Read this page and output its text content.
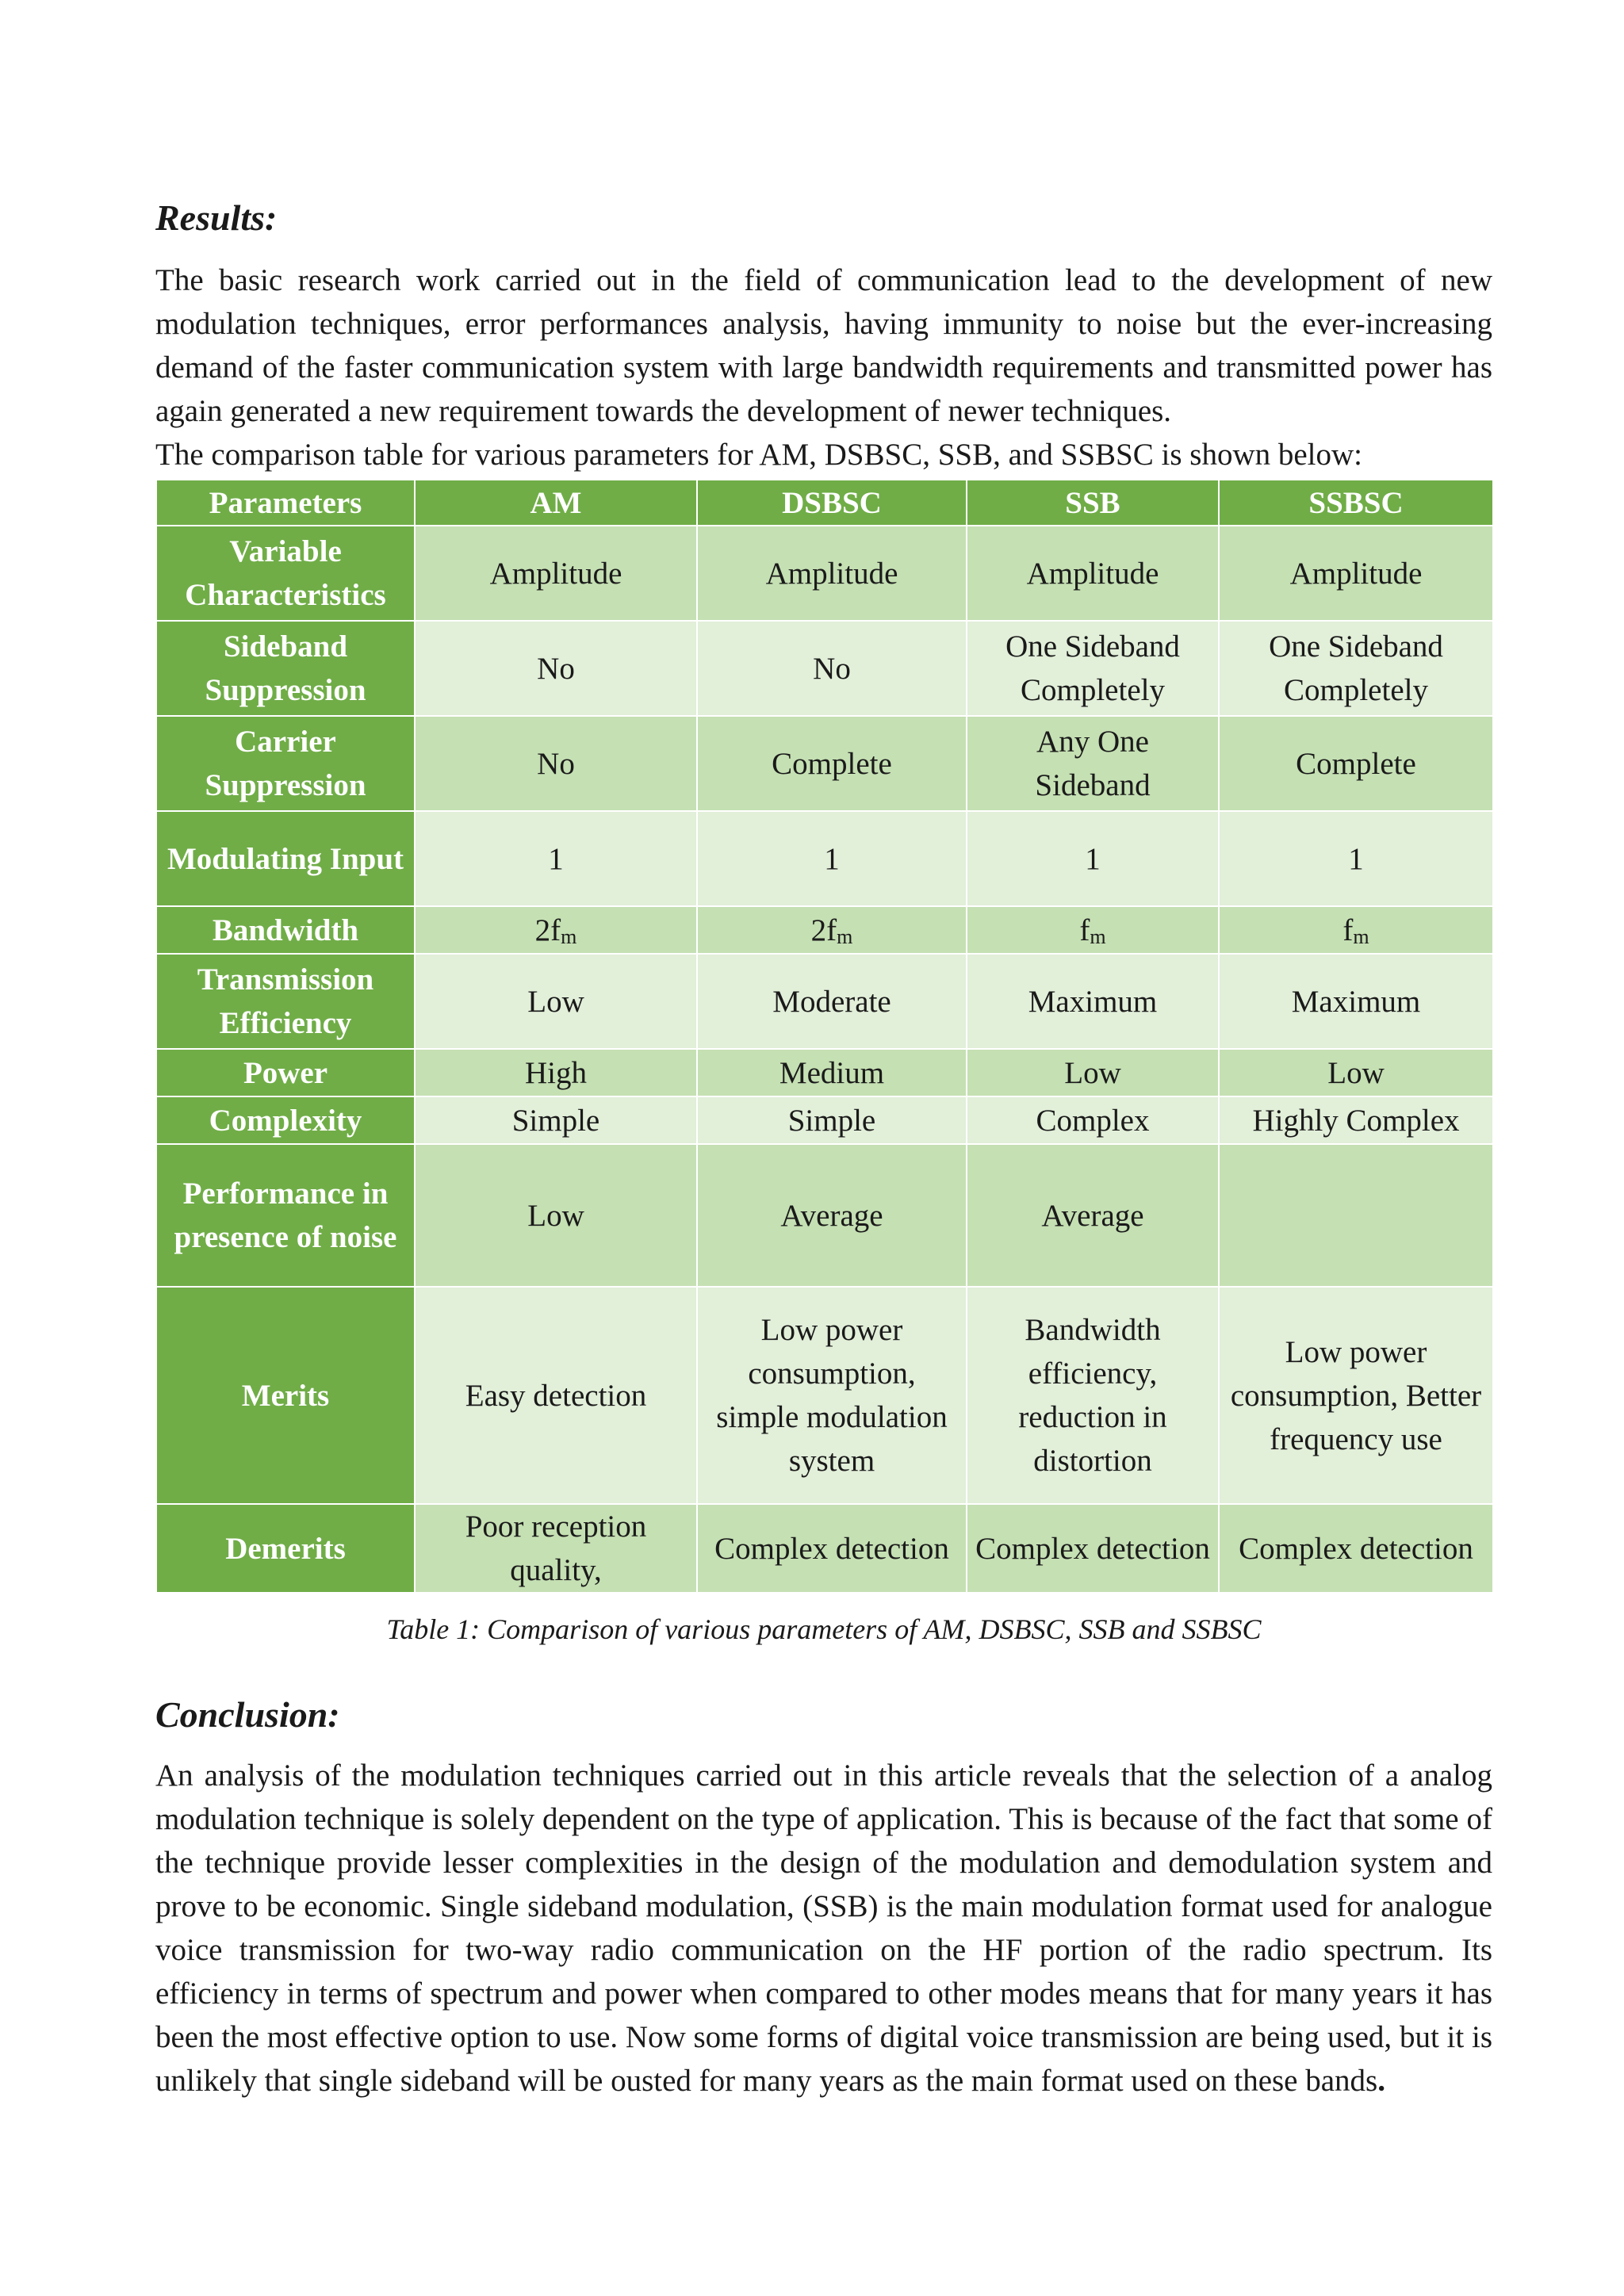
Results:

The basic research work carried out in the field of communication lead to the development of new modulation techniques, error performances analysis, having immunity to noise but the ever-increasing demand of the faster communication system with large bandwidth requirements and transmitted power has again generated a new requirement towards the development of newer techniques.

The comparison table for various parameters for AM, DSBSC, SSB, and SSBSC is shown below:

Parameters	AM	DSBSC	SSB	SSBSC
Variable Characteristics	Amplitude	Amplitude	Amplitude	Amplitude
Sideband Suppression	No	No	One Sideband Completely	One Sideband Completely
Carrier Suppression	No	Complete	Any One Sideband	Complete
Modulating Input	1	1	1	1
Bandwidth	$2f_m$	$2f_m$	$f_m$	$f_m$
Transmission Efficiency	Low	Moderate	Maximum	Maximum
Power	High	Medium	Low	Low
Complexity	Simple	Simple	Complex	Highly Complex
Performance in presence of noise	Low	Average	Average	
Merits	Easy detection	Low power consumption, simple modulation system	Bandwidth efficiency, reduction in distortion	Low power consumption, Better frequency use
Demerits	Poor reception quality,	Complex detection	Complex detection	Complex detection

Table 1: Comparison of various parameters of AM, DSBSC, SSB and SSBSC

Conclusion:

An analysis of the modulation techniques carried out in this article reveals that the selection of a analog modulation technique is solely dependent on the type of application. This is because of the fact that some of the technique provide lesser complexities in the design of the modulation and demodulation system and prove to be economic. Single sideband modulation, (SSB) is the main modulation format used for analogue voice transmission for two-way radio communication on the HF portion of the radio spectrum. Its efficiency in terms of spectrum and power when compared to other modes means that for many years it has been the most effective option to use. Now some forms of digital voice transmission are being used, but it is unlikely that single sideband will be ousted for many years as the main format used on these bands.
